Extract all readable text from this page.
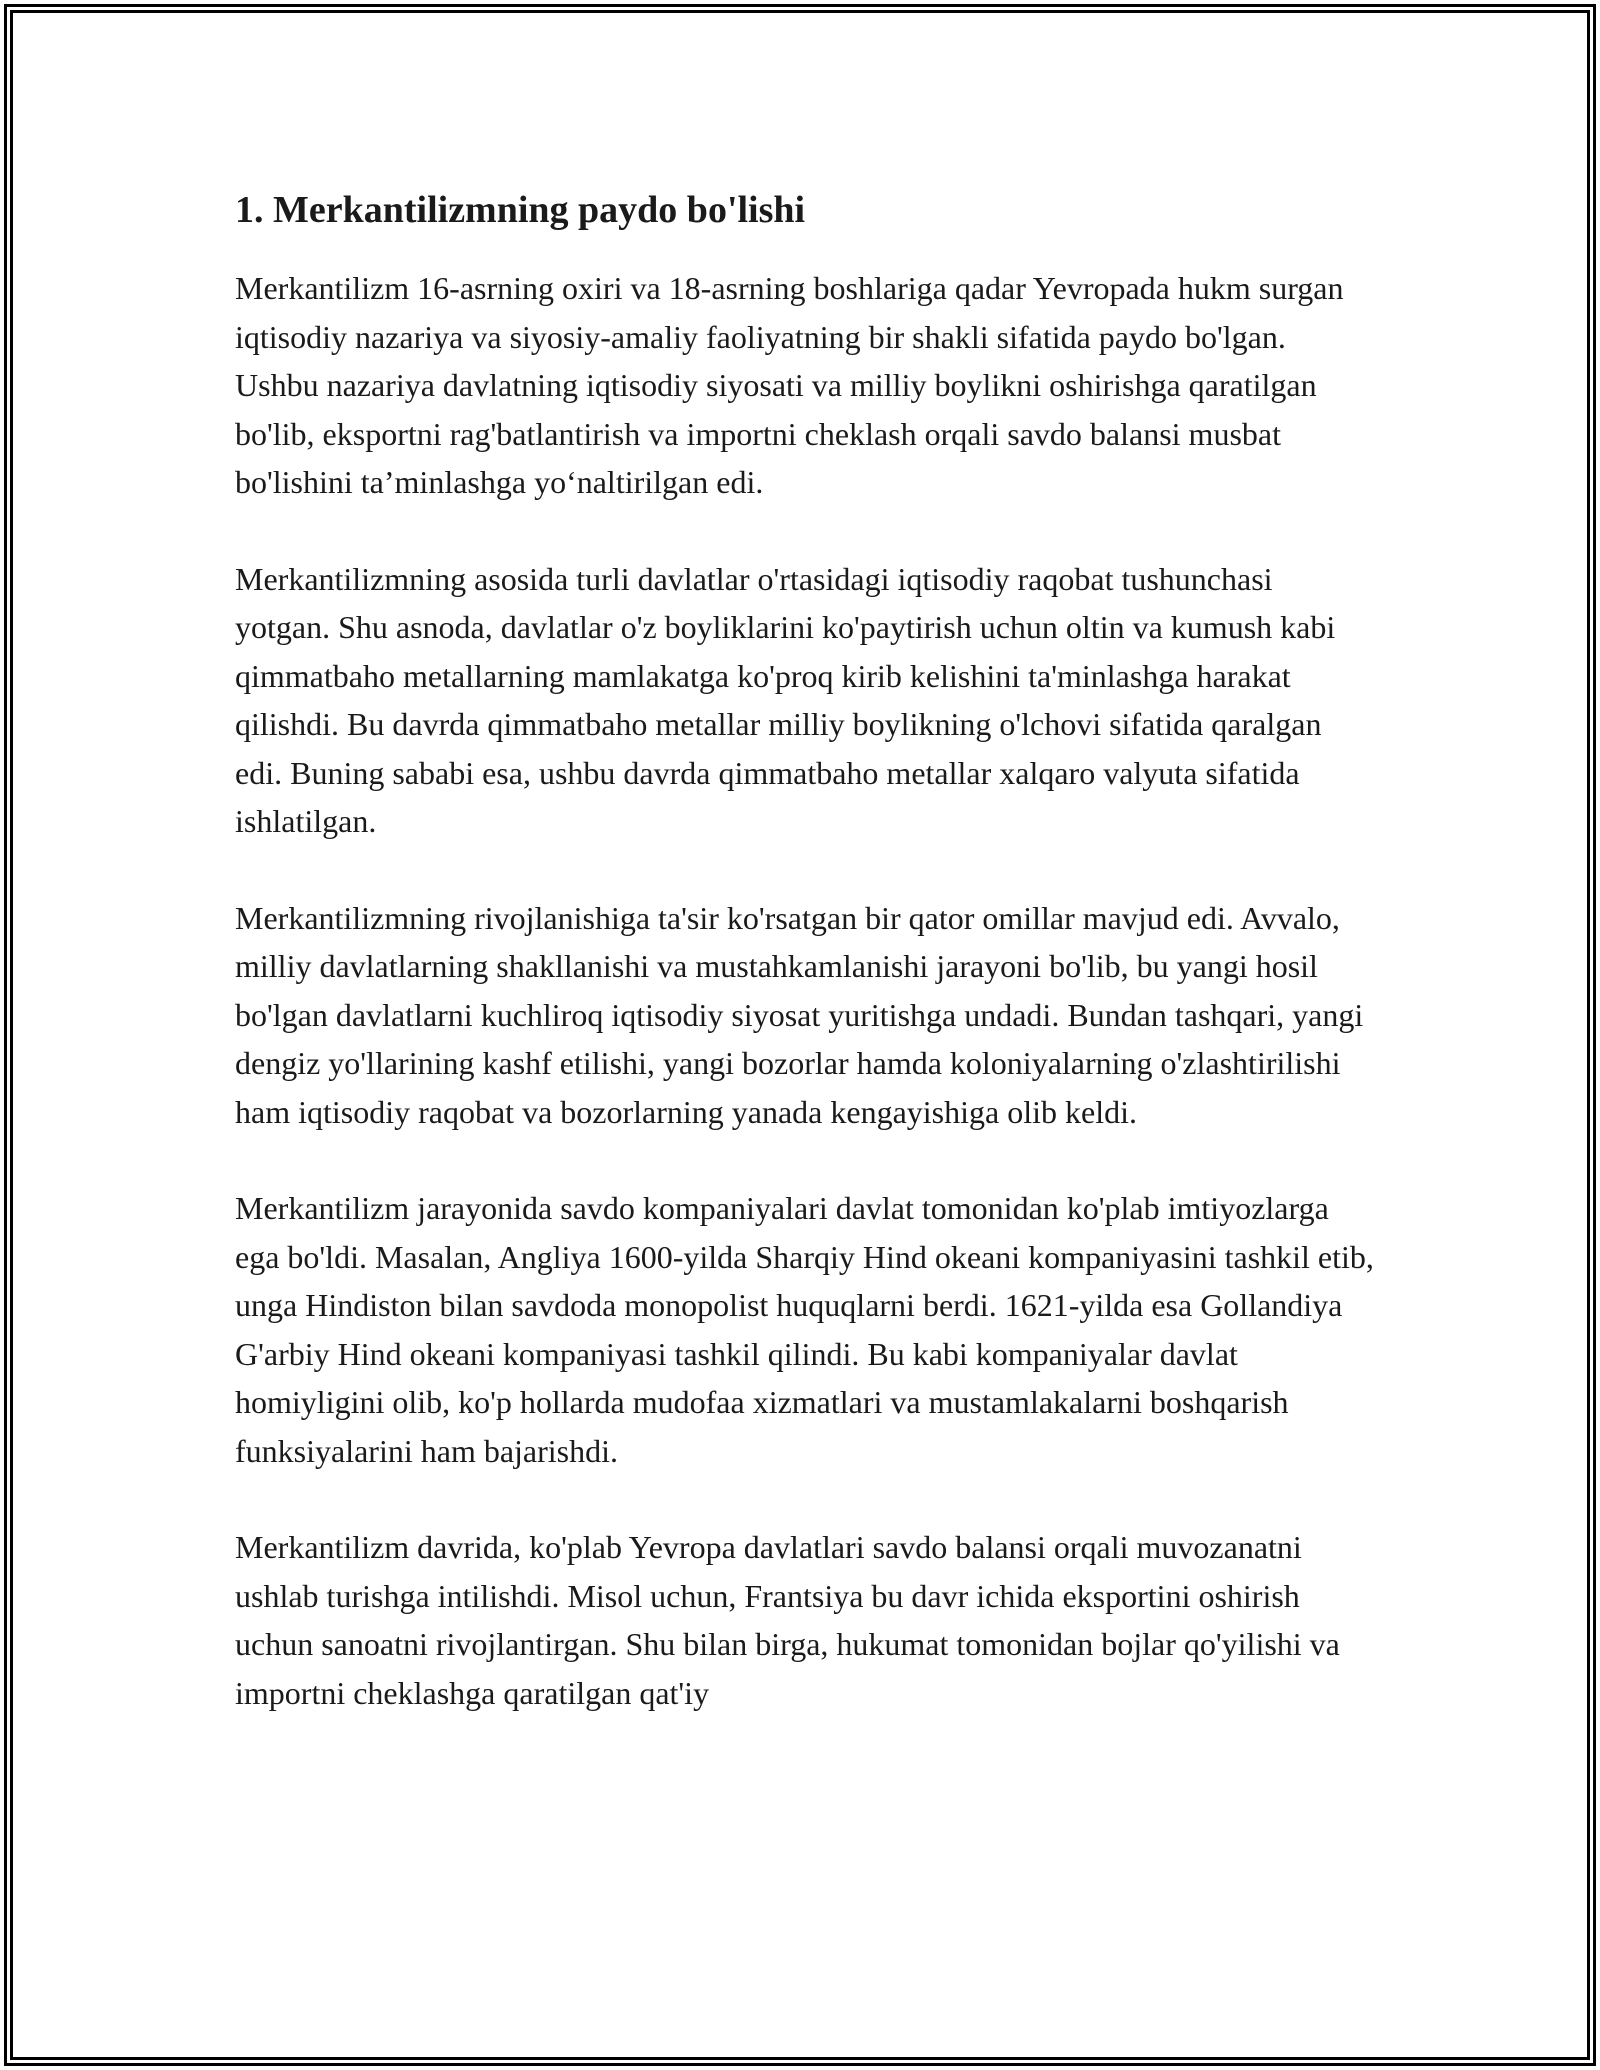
1. Merkantilizmning paydo bo'lishi

Merkantilizm 16-asrning oxiri va 18-asrning boshlariga qadar Yevropada hukm surgan iqtisodiy nazariya va siyosiy-amaliy faoliyatning bir shakli sifatida paydo bo'lgan. Ushbu nazariya davlatning iqtisodiy siyosati va milliy boylikni oshirishga qaratilgan bo'lib, eksportni rag'batlantirish va importni cheklash orqali savdo balansi musbat bo'lishini ta’minlashga yo‘naltirilgan edi.

Merkantilizmning asosida turli davlatlar o'rtasidagi iqtisodiy raqobat tushunchasi yotgan. Shu asnoda, davlatlar o'z boyliklarini ko'paytirish uchun oltin va kumush kabi qimmatbaho metallarning mamlakatga ko'proq kirib kelishini ta'minlashga harakat qilishdi. Bu davrda qimmatbaho metallar milliy boylikning o'lchovi sifatida qaralgan edi. Buning sababi esa, ushbu davrda qimmatbaho metallar xalqaro valyuta sifatida ishlatilgan.

Merkantilizmning rivojlanishiga ta'sir ko'rsatgan bir qator omillar mavjud edi. Avvalo, milliy davlatlarning shakllanishi va mustahkamlanishi jarayoni bo'lib, bu yangi hosil bo'lgan davlatlarni kuchliroq iqtisodiy siyosat yuritishga undadi. Bundan tashqari, yangi dengiz yo'llarining kashf etilishi, yangi bozorlar hamda koloniyalarning o'zlashtirilishi ham iqtisodiy raqobat va bozorlarning yanada kengayishiga olib keldi.

Merkantilizm jarayonida savdo kompaniyalari davlat tomonidan ko'plab imtiyozlarga ega bo'ldi. Masalan, Angliya 1600-yilda Sharqiy Hind okeani kompaniyasini tashkil etib, unga Hindiston bilan savdoda monopolist huquqlarni berdi. 1621-yilda esa Gollandiya G'arbiy Hind okeani kompaniyasi tashkil qilindi. Bu kabi kompaniyalar davlat homiyligini olib, ko'p hollarda mudofaa xizmatlari va mustamlakalarni boshqarish funksiyalarini ham bajarishdi.

Merkantilizm davrida, ko'plab Yevropa davlatlari savdo balansi orqali muvozanatni ushlab turishga intilishdi. Misol uchun, Frantsiya bu davr ichida eksportini oshirish uchun sanoatni rivojlantirgan. Shu bilan birga, hukumat tomonidan bojlar qo'yilishi va importni cheklashga qaratilgan qat'iy
